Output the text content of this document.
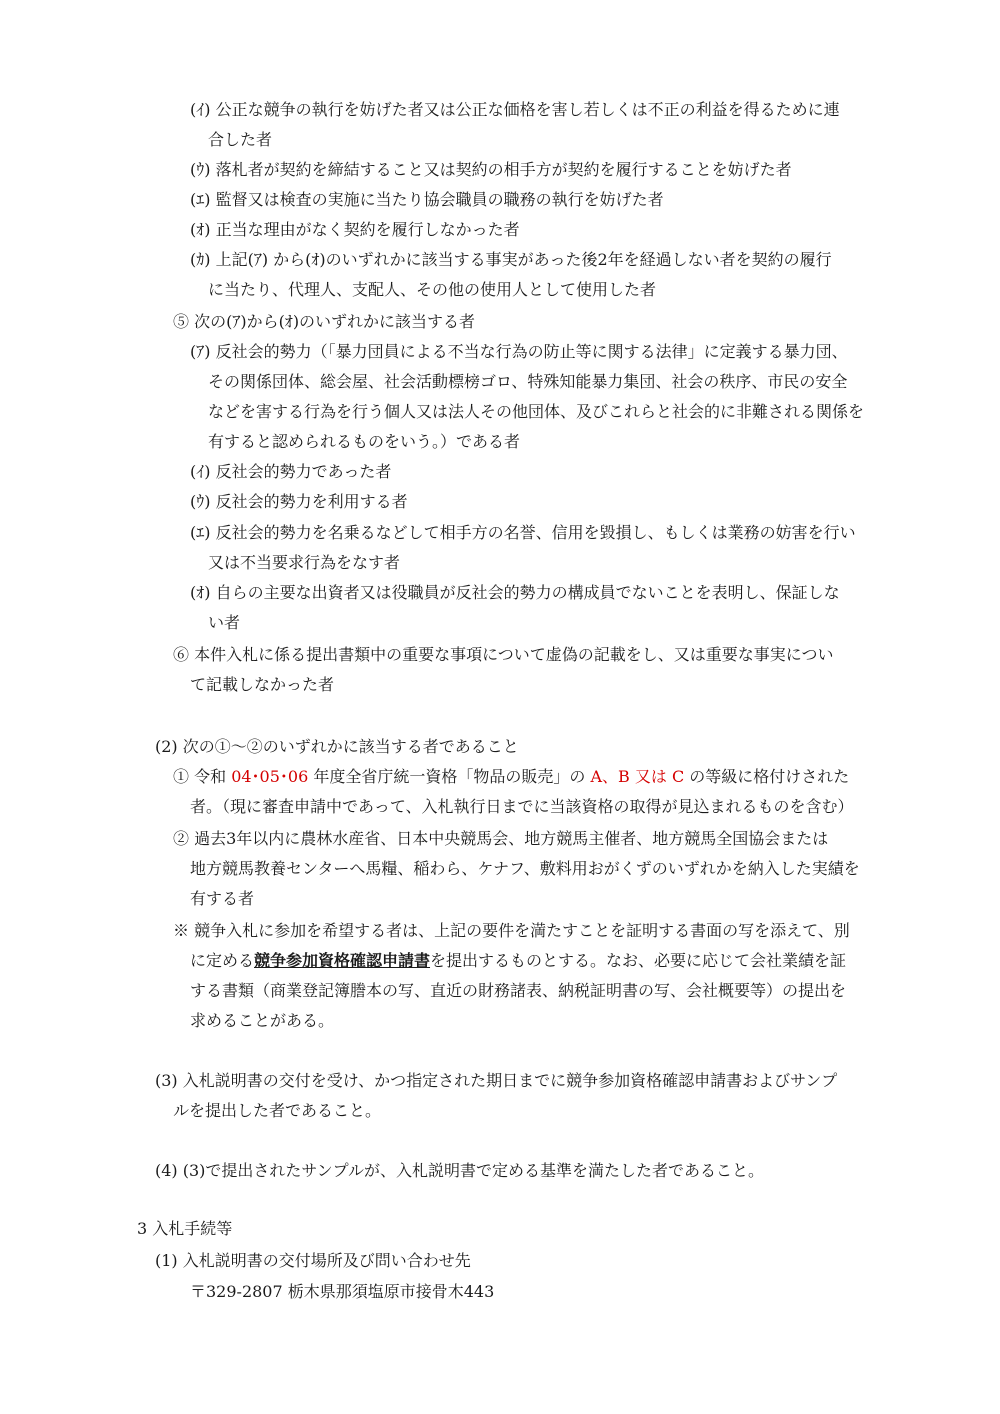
(ｲ) 公正な競争の執行を妨げた者又は公正な価格を害し若しくは不正の利益を得るために連
合した者
(ｳ) 落札者が契約を締結すること又は契約の相手方が契約を履行することを妨げた者
(ｴ) 監督又は検査の実施に当たり協会職員の職務の執行を妨げた者
(ｵ) 正当な理由がなく契約を履行しなかった者
(ｶ) 上記(ｱ) から(ｵ)のいずれかに該当する事実があった後2年を経過しない者を契約の履行
に当たり、代理人、支配人、その他の使用人として使用した者
⑤ 次の(ｱ)から(ｵ)のいずれかに該当する者
(ｱ) 反社会的勢力（「暴力団員による不当な行為の防止等に関する法律」に定義する暴力団、
その関係団体、総会屋、社会活動標榜ゴロ、特殊知能暴力集団、社会の秩序、市民の安全
などを害する行為を行う個人又は法人その他団体、及びこれらと社会的に非難される関係を
有すると認められるものをいう。）である者
(ｲ) 反社会的勢力であった者
(ｳ) 反社会的勢力を利用する者
(ｴ) 反社会的勢力を名乗るなどして相手方の名誉、信用を毀損し、もしくは業務の妨害を行い
又は不当要求行為をなす者
(ｵ) 自らの主要な出資者又は役職員が反社会的勢力の構成員でないことを表明し、保証しな
い者
⑥ 本件入札に係る提出書類中の重要な事項について虚偽の記載をし、又は重要な事実につい
て記載しなかった者
(2) 次の①～②のいずれかに該当する者であること
① 令和 04･05･06 年度全省庁統一資格「物品の販売」の A、B 又は C の等級に格付けされた
者。（現に審査申請中であって、入札執行日までに当該資格の取得が見込まれるものを含む）
② 過去3年以内に農林水産省、日本中央競馬会、地方競馬主催者、地方競馬全国協会または
地方競馬教養センターへ馬糧、稲わら、ケナフ、敷料用おがくずのいずれかを納入した実績を
有する者
※ 競争入札に参加を希望する者は、上記の要件を満たすことを証明する書面の写を添えて、別
に定める競争参加資格確認申請書を提出するものとする。なお、必要に応じて会社業績を証
する書類（商業登記簿謄本の写、直近の財務諸表、納税証明書の写、会社概要等）の提出を
求めることがある。
(3) 入札説明書の交付を受け、かつ指定された期日までに競争参加資格確認申請書およびサンプ
ルを提出した者であること。
(4) (3)で提出されたサンプルが、入札説明書で定める基準を満たした者であること。
3 入札手続等
(1) 入札説明書の交付場所及び問い合わせ先
〒329-2807 栃木県那須塩原市接骨木443
